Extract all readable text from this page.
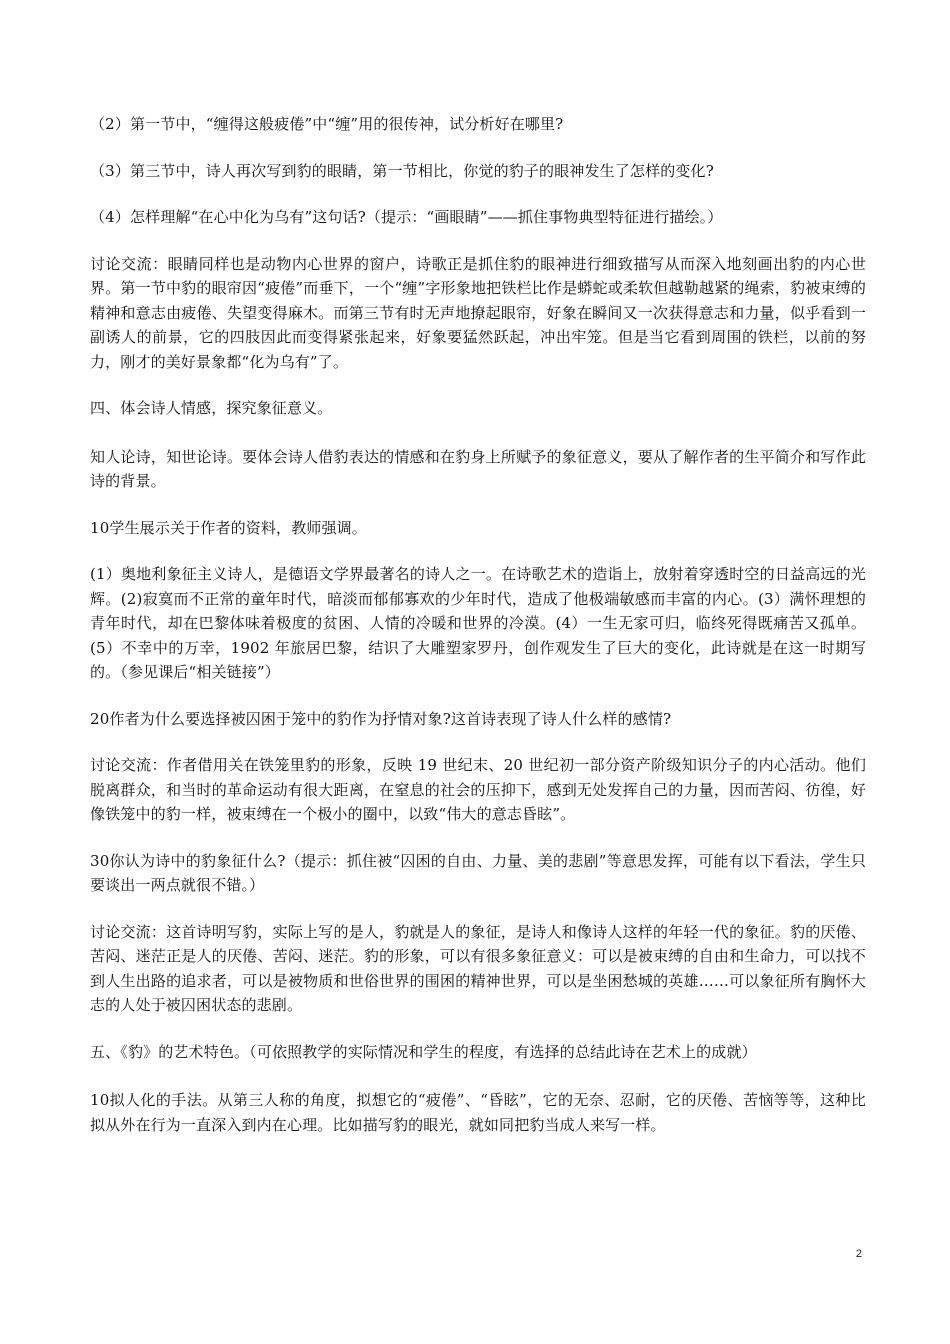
（2）第一节中，“缠得这般疲倦”中“缠”用的很传神，试分析好在哪里?

（3）第三节中，诗人再次写到豹的眼睛，第一节相比，你觉的豹子的眼神发生了怎样的变化?

（4）怎样理解“在心中化为乌有”这句话?（提示：“画眼睛”——抓住事物典型特征进行描绘。）

讨论交流：眼睛同样也是动物内心世界的窗户，诗歌正是抓住豹的眼神进行细致描写从而深入地刻画出豹的内心世界。第一节中豹的眼帘因“疲倦”而垂下，一个“缠”字形象地把铁栏比作是蟒蛇或柔软但越勒越紧的绳索，豹被束缚的精神和意志由疲倦、失望变得麻木。而第三节有时无声地撩起眼帘，好象在瞬间又一次获得意志和力量，似乎看到一副诱人的前景，它的四肢因此而变得紧张起来，好象要猛然跃起，冲出牢笼。但是当它看到周围的铁栏，以前的努力，刚才的美好景象都“化为乌有”了。

四、体会诗人情感，探究象征意义。

知人论诗，知世论诗。要体会诗人借豹表达的情感和在豹身上所赋予的象征意义，要从了解作者的生平简介和写作此诗的背景。

10学生展示关于作者的资料，教师强调。

(1）奥地利象征主义诗人，是德语文学界最著名的诗人之一。在诗歌艺术的造诣上，放射着穿透时空的日益高远的光辉。(2)寂寞而不正常的童年时代，暗淡而郁郁寡欢的少年时代，造成了他极端敏感而丰富的内心。(3）满怀理想的青年时代，却在巴黎体味着极度的贫困、人情的冷暖和世界的冷漠。(4）一生无家可归，临终死得既痛苦又孤单。(5）不幸中的万幸，1902 年旅居巴黎，结识了大雕塑家罗丹，创作观发生了巨大的变化，此诗就是在这一时期写的。（参见课后“相关链接”）

20作者为什么要选择被囚困于笼中的豹作为抒情对象?这首诗表现了诗人什么样的感情?

讨论交流：作者借用关在铁笼里豹的形象，反映 19 世纪末、20 世纪初一部分资产阶级知识分子的内心活动。他们脱离群众，和当时的革命运动有很大距离，在窒息的社会的压抑下，感到无处发挥自己的力量，因而苦闷、彷徨，好像铁笼中的豹一样，被束缚在一个极小的圈中，以致“伟大的意志昏眩”。

30你认为诗中的豹象征什么?（提示：抓住被“囚困的自由、力量、美的悲剧”等意思发挥，可能有以下看法，学生只要谈出一两点就很不错。）

讨论交流：这首诗明写豹，实际上写的是人，豹就是人的象征，是诗人和像诗人这样的年轻一代的象征。豹的厌倦、苦闷、迷茫正是人的厌倦、苦闷、迷茫。豹的形象，可以有很多象征意义：可以是被束缚的自由和生命力，可以找不到人生出路的追求者，可以是被物质和世俗世界的围困的精神世界，可以是坐困愁城的英雄……可以象征所有胸怀大志的人处于被囚困状态的悲剧。

五、《豹》的艺术特色。（可依照教学的实际情况和学生的程度，有选择的总结此诗在艺术上的成就）

10拟人化的手法。从第三人称的角度，拟想它的“疲倦”、“昏眩”，它的无奈、忍耐，它的厌倦、苦恼等等，这种比拟从外在行为一直深入到内在心理。比如描写豹的眼光，就如同把豹当成人来写一样。

2
